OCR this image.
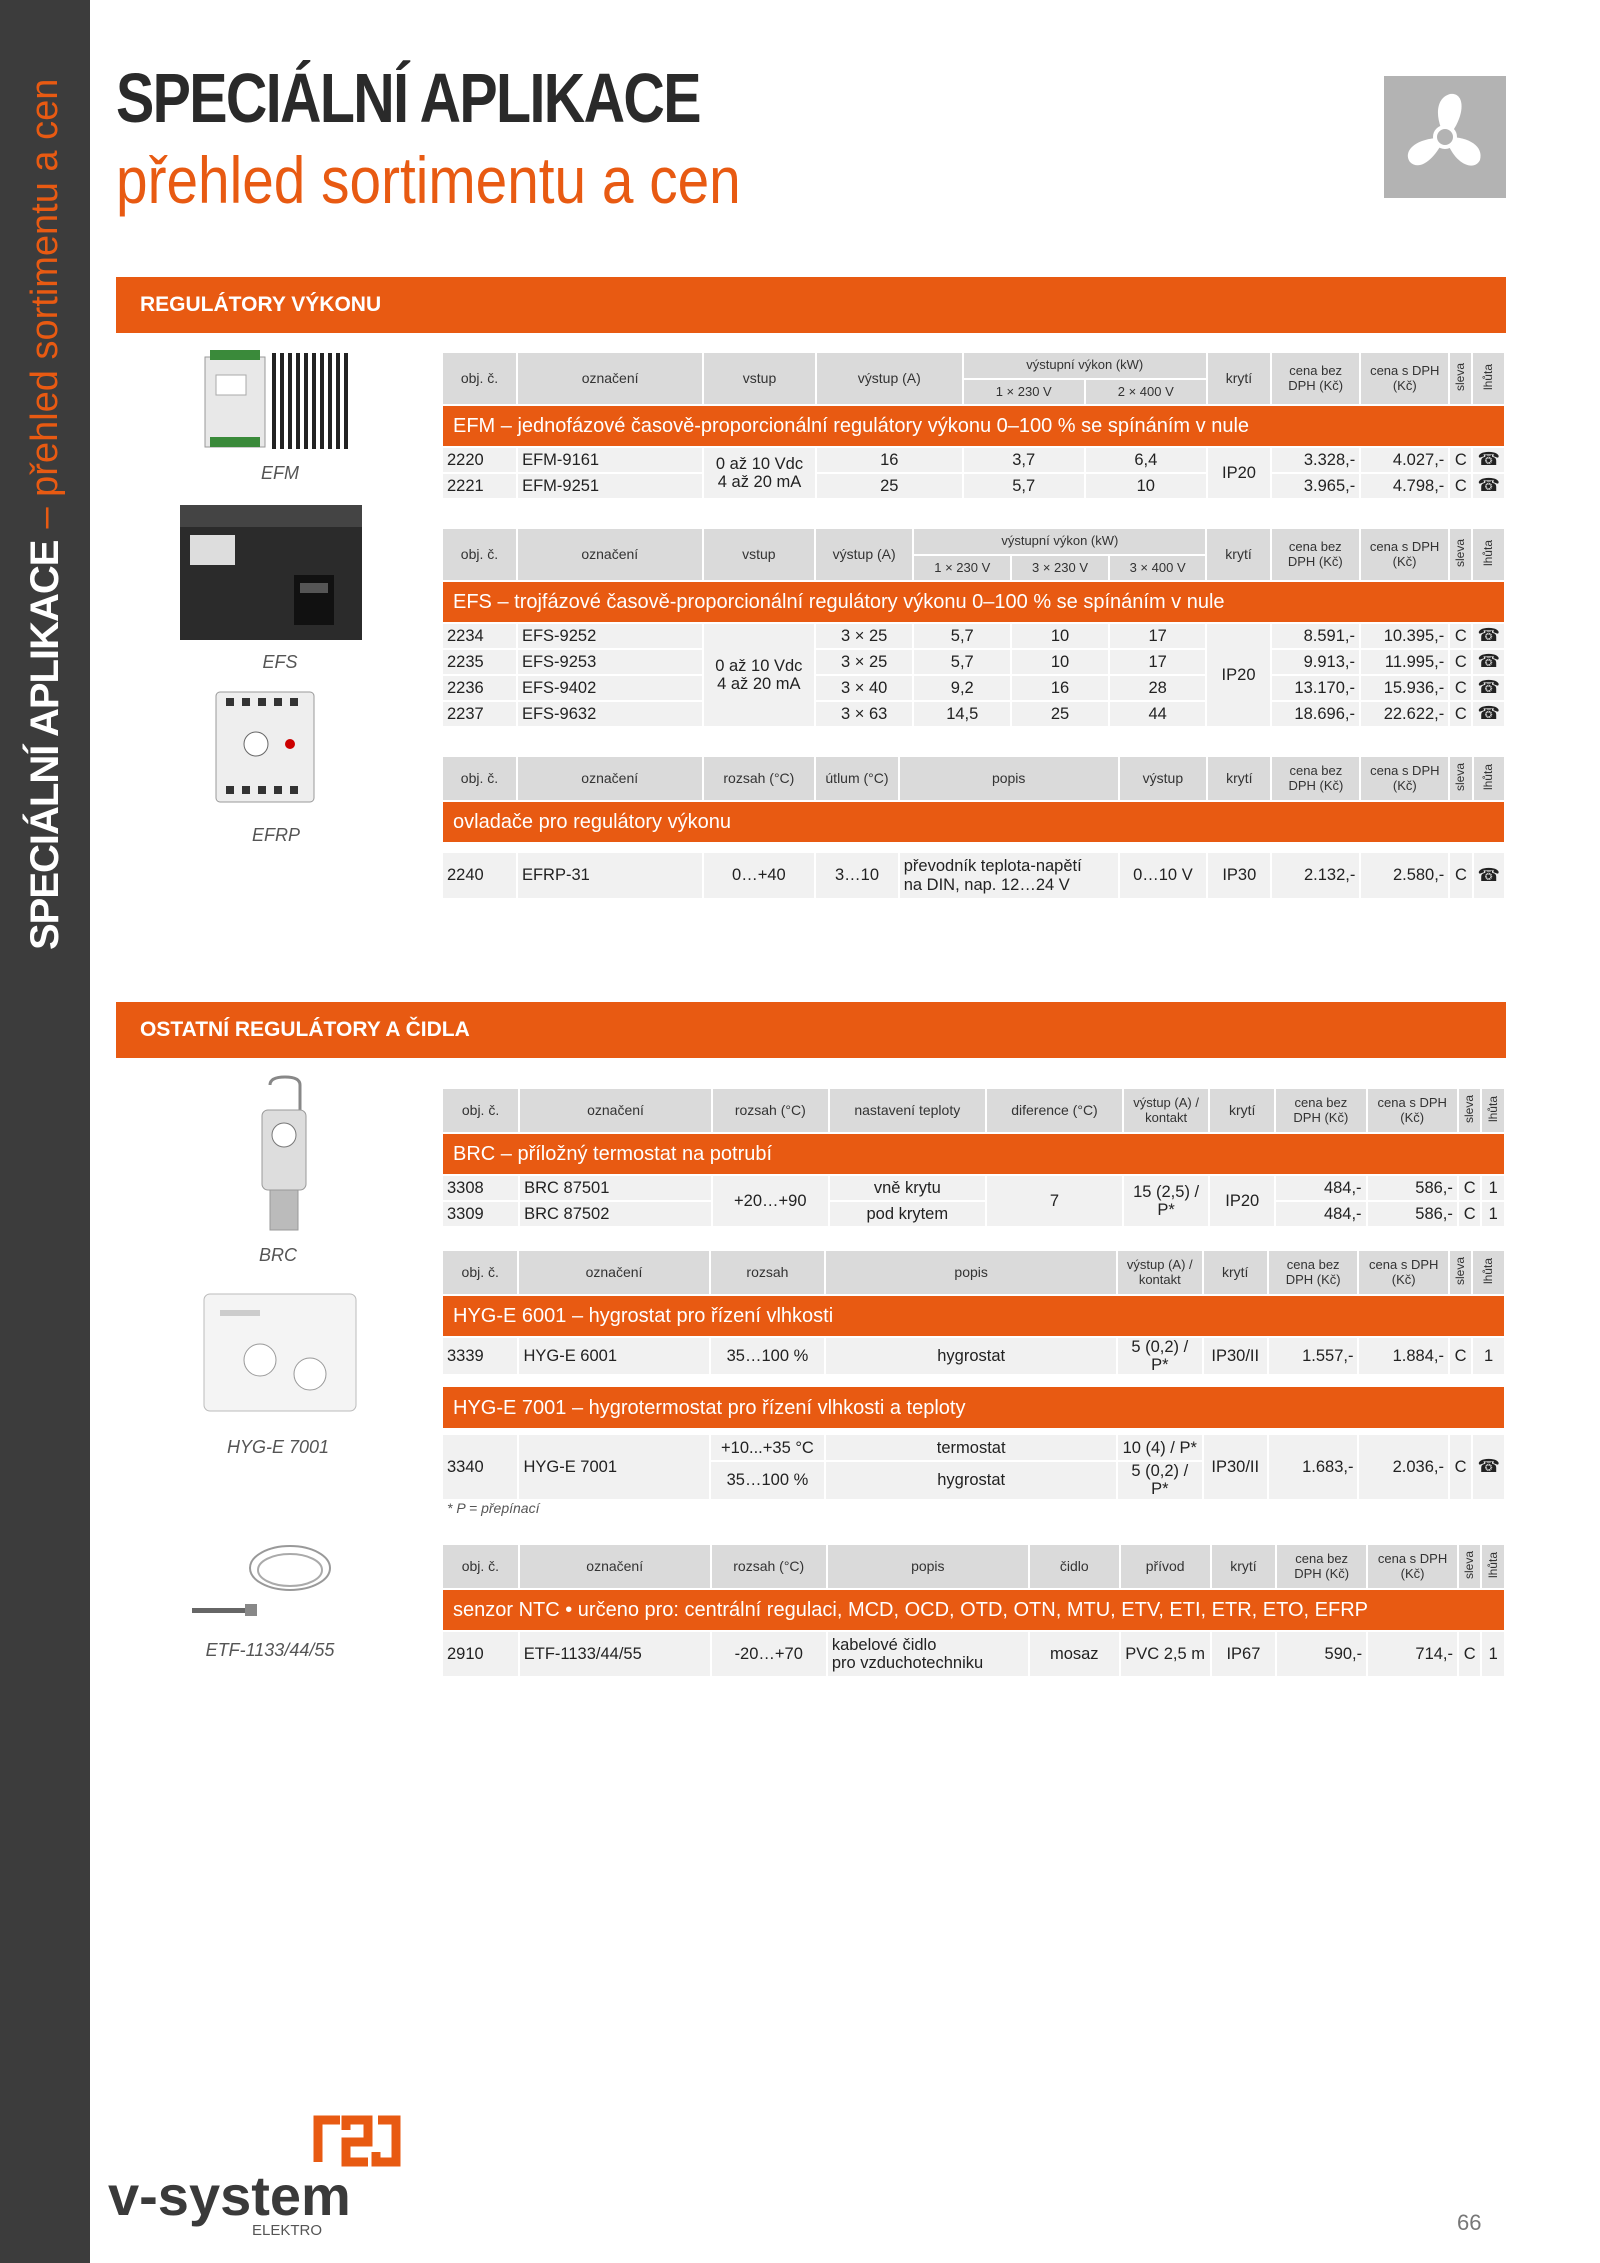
SPECIÁLNÍ APLIKACE
– přehled sortimentu a cen SPECIÁLNÍ APLIKACE
přehled sortimentu a cen
REGULÁTORY VÝKONU
EFM
EFS
EFRP
obj. č.	označení	vstup	výstup (A)	výstupní výkon (kW)		krytí	cena bez DPH (Kč)	cena s DPH (Kč)	sleva	lhůta
				1 × 230 V	2 × 400 V					
EFM – jednofázové časově-proporcionální regulátory výkonu 0–100 % se spínáním v nule										
2220	EFM-9161	0 až 10 Vdc
4 až 20 mA	16	3,7	6,4	IP20	3.328,-	4.027,-	C	☎
2221	EFM-9251		25	5,7	10		3.965,-	4.798,-	C	☎
obj. č.	označení	vstup	výstup (A)	výstupní výkon (kW)			krytí	cena bez DPH (Kč)	cena s DPH (Kč)	sleva	lhůta
				1 × 230 V	3 × 230 V	3 × 400 V					
EFS – trojfázové časově-proporcionální regulátory výkonu 0–100 % se spínáním v nule											
2234	EFS-9252	0 až 10 Vdc
4 až 20 mA	3 × 25	5,7	10	17	IP20	8.591,-	10.395,-	C	☎
2235	EFS-9253		3 × 25	5,7	10	17		9.913,-	11.995,-	C	☎
2236	EFS-9402		3 × 40	9,2	16	28		13.170,-	15.936,-	C	☎
2237	EFS-9632		3 × 63	14,5	25	44		18.696,-	22.622,-	C	☎
obj. č.	označení	rozsah (°C)	útlum (°C)	popis	výstup	krytí	cena bez DPH (Kč)	cena s DPH (Kč)	sleva	lhůta
ovladače pro regulátory výkonu										

2240	EFRP-31	0…+40	3…10	převodník teplota-napětí
na DIN, nap. 12…24 V	0…10 V	IP30	2.132,-	2.580,-	C	☎
OSTATNÍ REGULÁTORY A ČIDLA
BRC
HYG-E 7001
ETF-1133/44/55
obj. č.	označení	rozsah (°C)	nastavení teploty	diference (°C)	výstup (A) / kontakt	krytí	cena bez DPH (Kč)	cena s DPH (Kč)	sleva	lhůta
BRC – příložný termostat na potrubí										
3308	BRC 87501	+20…+90	vně krytu	7	15 (2,5) / P*	IP20	484,-	586,-	C	1
3309	BRC 87502		pod krytem				484,-	586,-	C	1
obj. č.	označení	rozsah	popis	výstup (A) / kontakt	krytí	cena bez DPH (Kč)	cena s DPH (Kč)	sleva	lhůta
HYG-E 6001 – hygrostat pro řízení vlhkosti									
3339	HYG-E 6001	35…100 %	hygrostat	5 (0,2) / P*	IP30/II	1.557,-	1.884,-	C	1

HYG-E 7001 – hygrotermostat pro řízení vlhkosti a teploty									

3340	HYG-E 7001	+10...+35 °C	termostat	10 (4) / P*	IP30/II	1.683,-	2.036,-	C	☎
		35…100 %	hygrostat	5 (0,2) / P*					
* P = přepínací
obj. č.	označení	rozsah (°C)	popis	čidlo	přívod	krytí	cena bez DPH (Kč)	cena s DPH (Kč)	sleva	lhůta
senzor NTC • určeno pro: centrální regulaci, MCD, OCD, OTD, OTN, MTU, ETV, ETI, ETR, ETO, EFRP										
2910	ETF-1133/44/55	-20…+70	kabelové čidlo
pro vzduchotechniku	mosaz	PVC 2,5 m	IP67	590,-	714,-	C	1
v-system
ELEKTRO	66
